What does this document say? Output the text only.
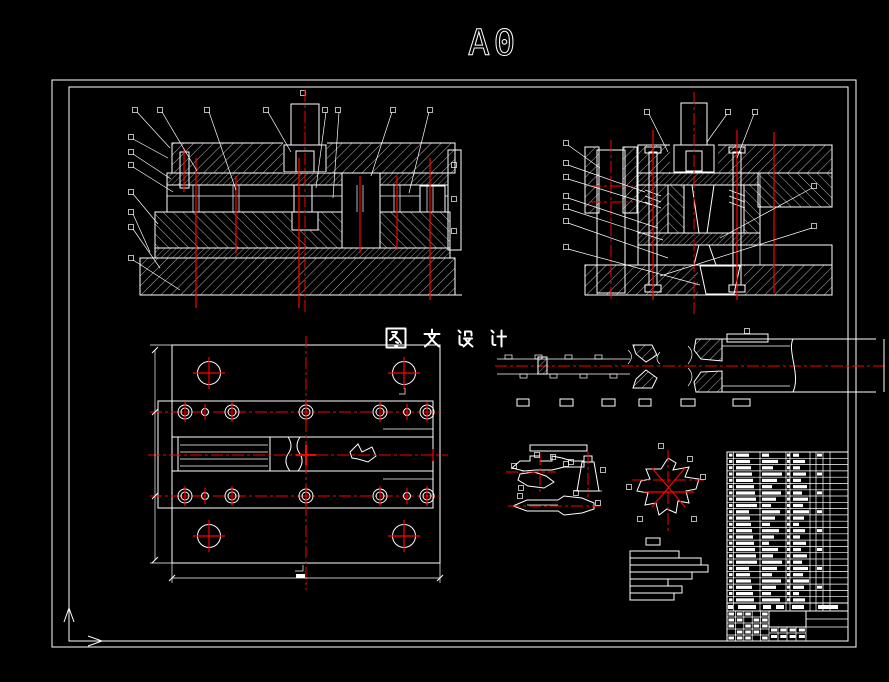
A0
